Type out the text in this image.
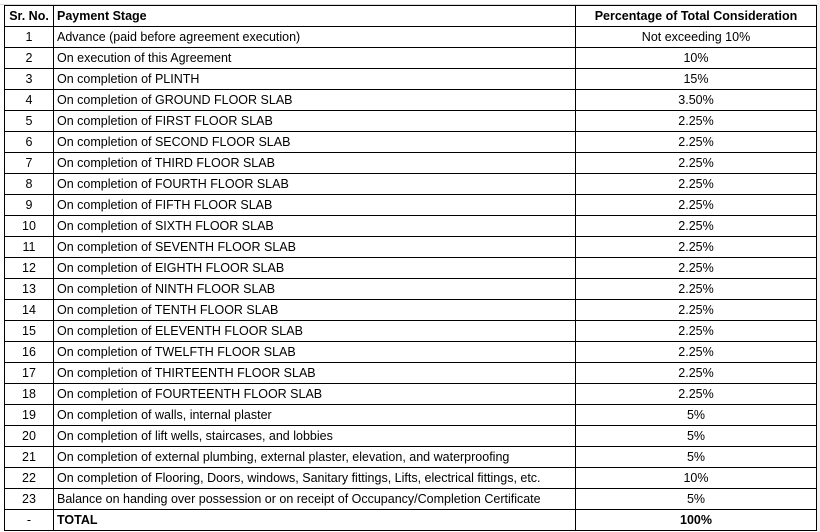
Sr. No.	Payment Stage	Percentage of Total Consideration
1	Advance (paid before agreement execution)	Not exceeding 10%
2	On execution of this Agreement	10%
3	On completion of PLINTH	15%
4	On completion of GROUND FLOOR SLAB	3.50%
5	On completion of FIRST FLOOR SLAB	2.25%
6	On completion of SECOND FLOOR SLAB	2.25%
7	On completion of THIRD FLOOR SLAB	2.25%
8	On completion of FOURTH FLOOR SLAB	2.25%
9	On completion of FIFTH FLOOR SLAB	2.25%
10	On completion of SIXTH FLOOR SLAB	2.25%
11	On completion of SEVENTH FLOOR SLAB	2.25%
12	On completion of EIGHTH FLOOR SLAB	2.25%
13	On completion of NINTH FLOOR SLAB	2.25%
14	On completion of TENTH FLOOR SLAB	2.25%
15	On completion of ELEVENTH FLOOR SLAB	2.25%
16	On completion of TWELFTH FLOOR SLAB	2.25%
17	On completion of THIRTEENTH FLOOR SLAB	2.25%
18	On completion of FOURTEENTH FLOOR SLAB	2.25%
19	On completion of walls, internal plaster	5%
20	On completion of lift wells, staircases, and lobbies	5%
21	On completion of external plumbing, external plaster, elevation, and waterproofing	5%
22	On completion of Flooring, Doors, windows, Sanitary fittings, Lifts, electrical fittings, etc.	10%
23	Balance on handing over possession or on receipt of Occupancy/Completion Certificate	5%
-	TOTAL	100%
